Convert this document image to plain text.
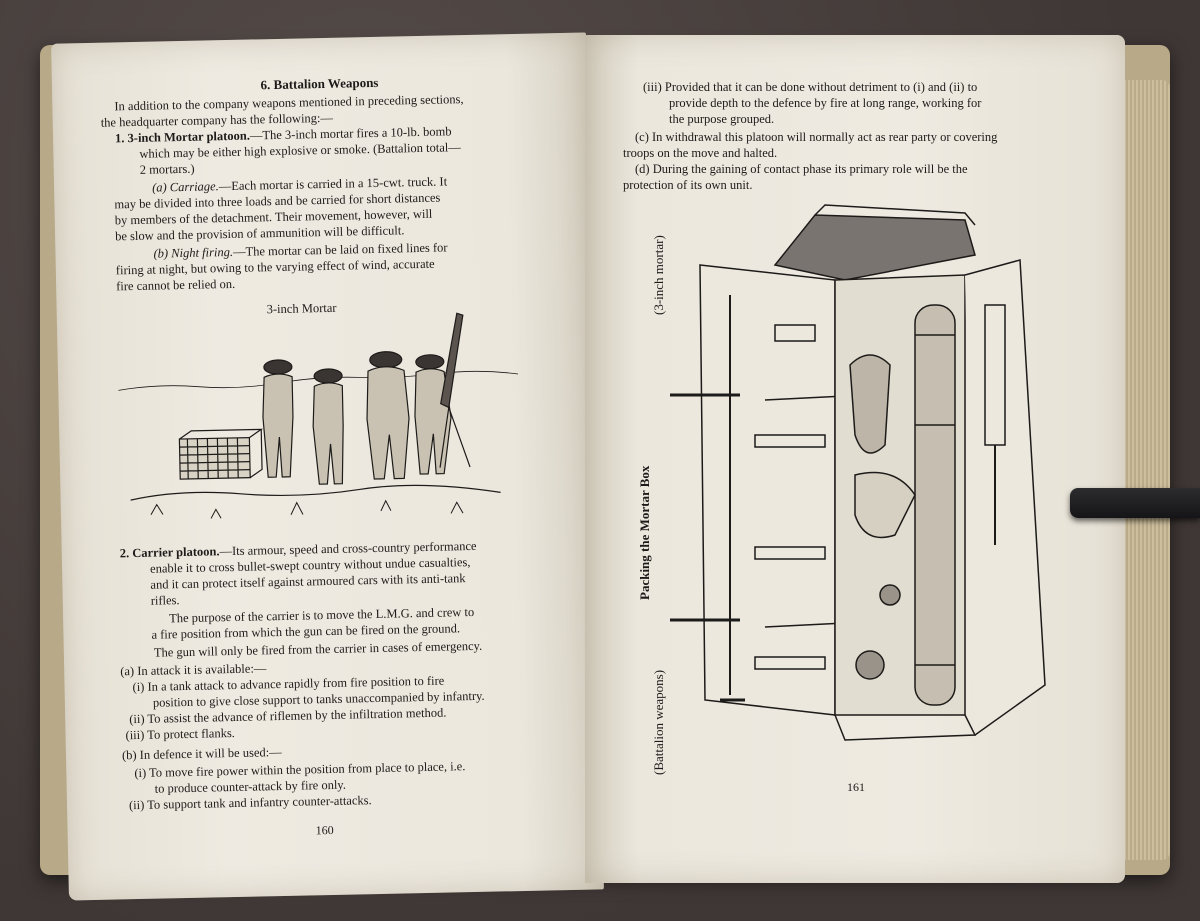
6. Battalion Weapons
In addition to the company weapons mentioned in preceding sections,
the headquarter company has the following:—
1. 3-inch Mortar platoon.—The 3-inch mortar fires a 10-lb. bomb
which may be either high explosive or smoke. (Battalion total—
2 mortars.)
(a) Carriage.—Each mortar is carried in a 15-cwt. truck. It
may be divided into three loads and be carried for short distances
by members of the detachment. Their movement, however, will
be slow and the provision of ammunition will be difficult.
(b) Night firing.—The mortar can be laid on fixed lines for
firing at night, but owing to the varying effect of wind, accurate
fire cannot be relied on.
3-inch Mortar
2. Carrier platoon.—Its armour, speed and cross-country performance
enable it to cross bullet-swept country without undue casualties,
and it can protect itself against armoured cars with its anti-tank
rifles.
The purpose of the carrier is to move the L.M.G. and crew to
a fire position from which the gun can be fired on the ground.
The gun will only be fired from the carrier in cases of emergency.
(a) In attack it is available:—
(i) In a tank attack to advance rapidly from fire position to fire
position to give close support to tanks unaccompanied by infantry.
(ii) To assist the advance of riflemen by the infiltration method.
(iii) To protect flanks.
(b) In defence it will be used:—
(i) To move fire power within the position from place to place, i.e.
to produce counter-attack by fire only.
(ii) To support tank and infantry counter-attacks.
160
(iii) Provided that it can be done without detriment to (i) and (ii) to
provide depth to the defence by fire at long range, working for
the purpose grouped.
(c) In withdrawal this platoon will normally act as rear party or covering
troops on the move and halted.
(d) During the gaining of contact phase its primary role will be the
protection of its own unit.
Packing the Mortar Box
(3-inch mortar)
(Battalion weapons)
161
